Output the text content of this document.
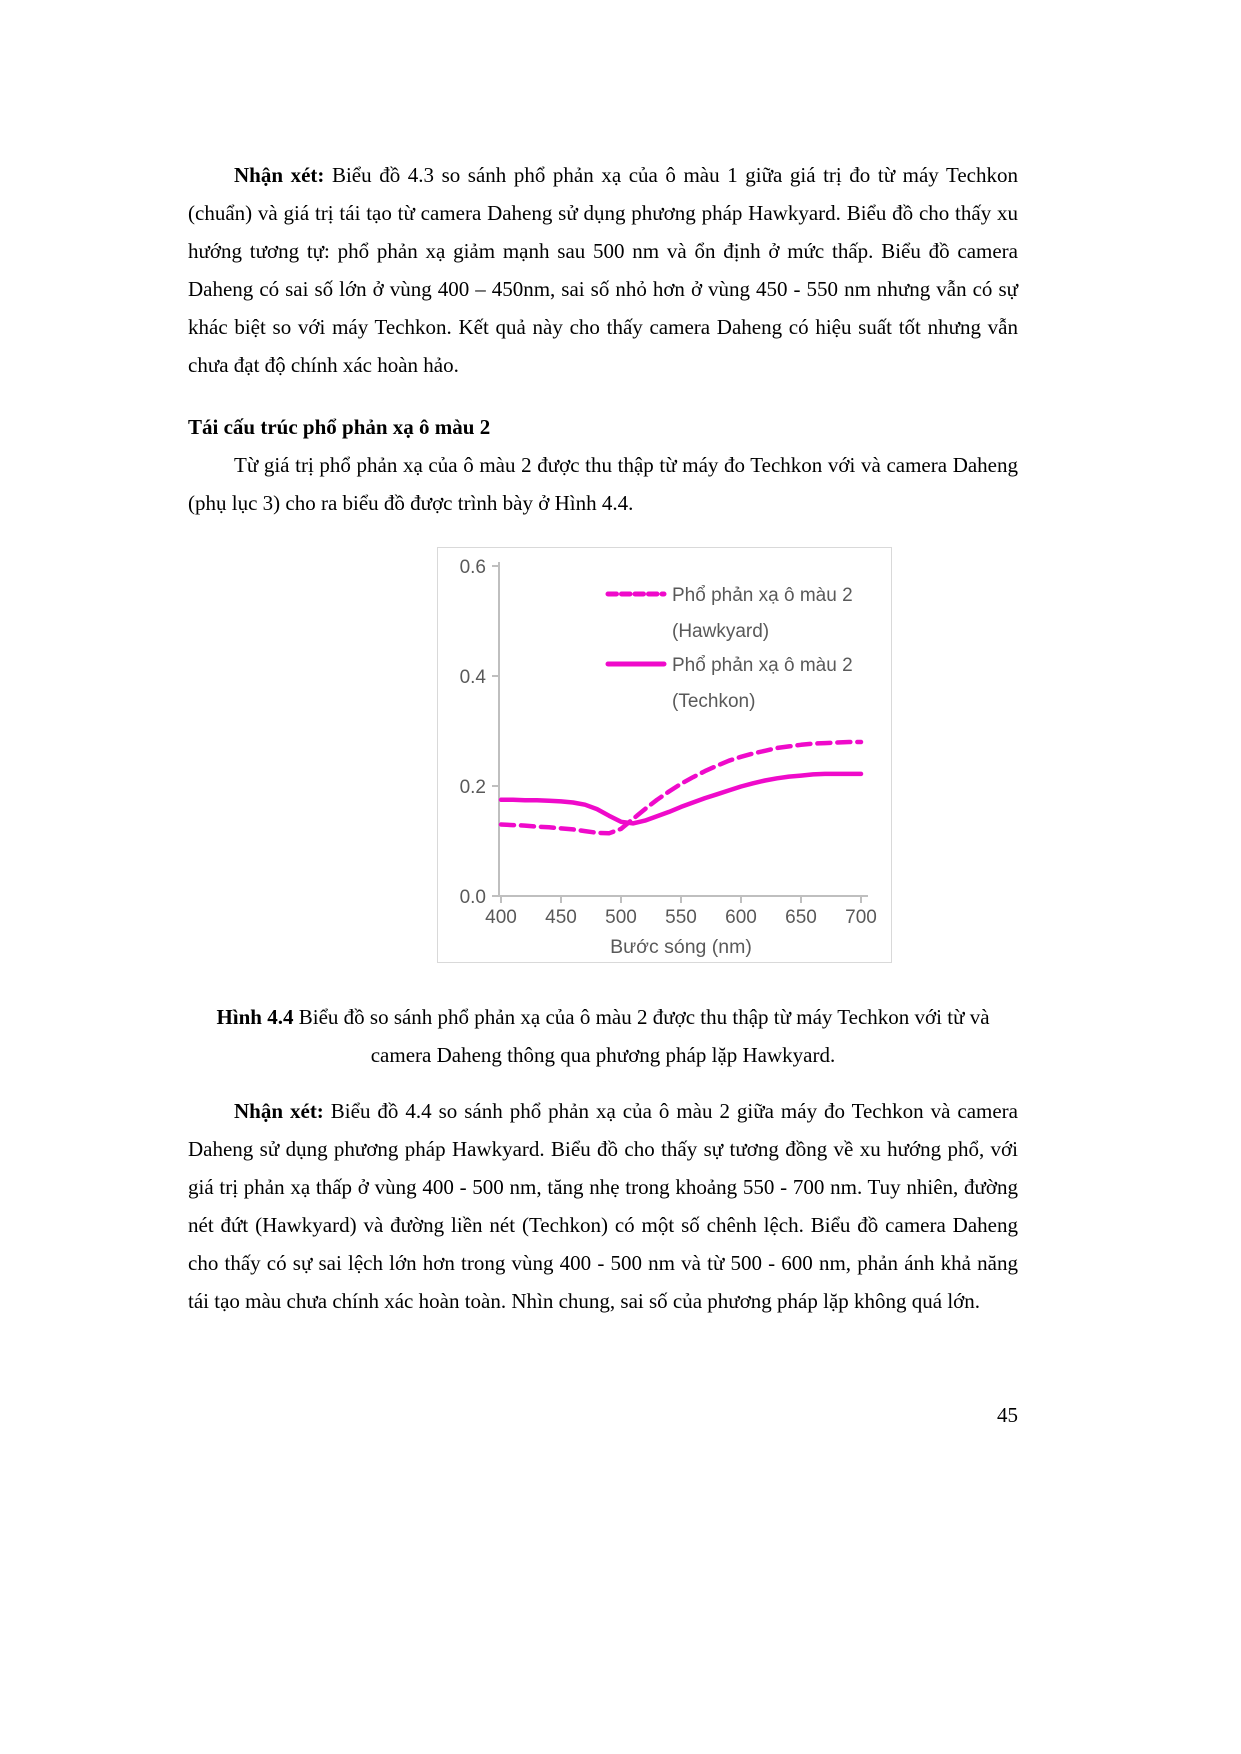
Nhận xét: Biểu đồ 4.3 so sánh phổ phản xạ của ô màu 1 giữa giá trị đo từ máy Techkon (chuẩn) và giá trị tái tạo từ camera Daheng sử dụng phương pháp Hawkyard. Biểu đồ cho thấy xu hướng tương tự: phổ phản xạ giảm mạnh sau 500 nm và ổn định ở mức thấp. Biểu đồ camera Daheng có sai số lớn ở vùng 400 – 450nm, sai số nhỏ hơn ở vùng 450 - 550 nm nhưng vẫn có sự khác biệt so với máy Techkon. Kết quả này cho thấy camera Daheng có hiệu suất tốt nhưng vẫn chưa đạt độ chính xác hoàn hảo.

Tái cấu trúc phổ phản xạ ô màu 2

Từ giá trị phổ phản xạ của ô màu 2 được thu thập từ máy đo Techkon với và camera Daheng (phụ lục 3) cho ra biểu đồ được trình bày ở Hình 4.4.

0.0
0.2
0.4
0.6
400 450 500 550 600 650 700
Bước sóng (nm)
Phổ phản xạ ô màu 2
(Hawkyard)
Phổ phản xạ ô màu 2
(Techkon)

Hình 4.4 Biểu đồ so sánh phổ phản xạ của ô màu 2 được thu thập từ máy Techkon với từ và camera Daheng thông qua phương pháp lặp Hawkyard.

Nhận xét: Biểu đồ 4.4 so sánh phổ phản xạ của ô màu 2 giữa máy đo Techkon và camera Daheng sử dụng phương pháp Hawkyard. Biểu đồ cho thấy sự tương đồng về xu hướng phổ, với giá trị phản xạ thấp ở vùng 400 - 500 nm, tăng nhẹ trong khoảng 550 - 700 nm. Tuy nhiên, đường nét đứt (Hawkyard) và đường liền nét (Techkon) có một số chênh lệch. Biểu đồ camera Daheng cho thấy có sự sai lệch lớn hơn trong vùng 400 - 500 nm và từ 500 - 600 nm, phản ánh khả năng tái tạo màu chưa chính xác hoàn toàn. Nhìn chung, sai số của phương pháp lặp không quá lớn.

45
